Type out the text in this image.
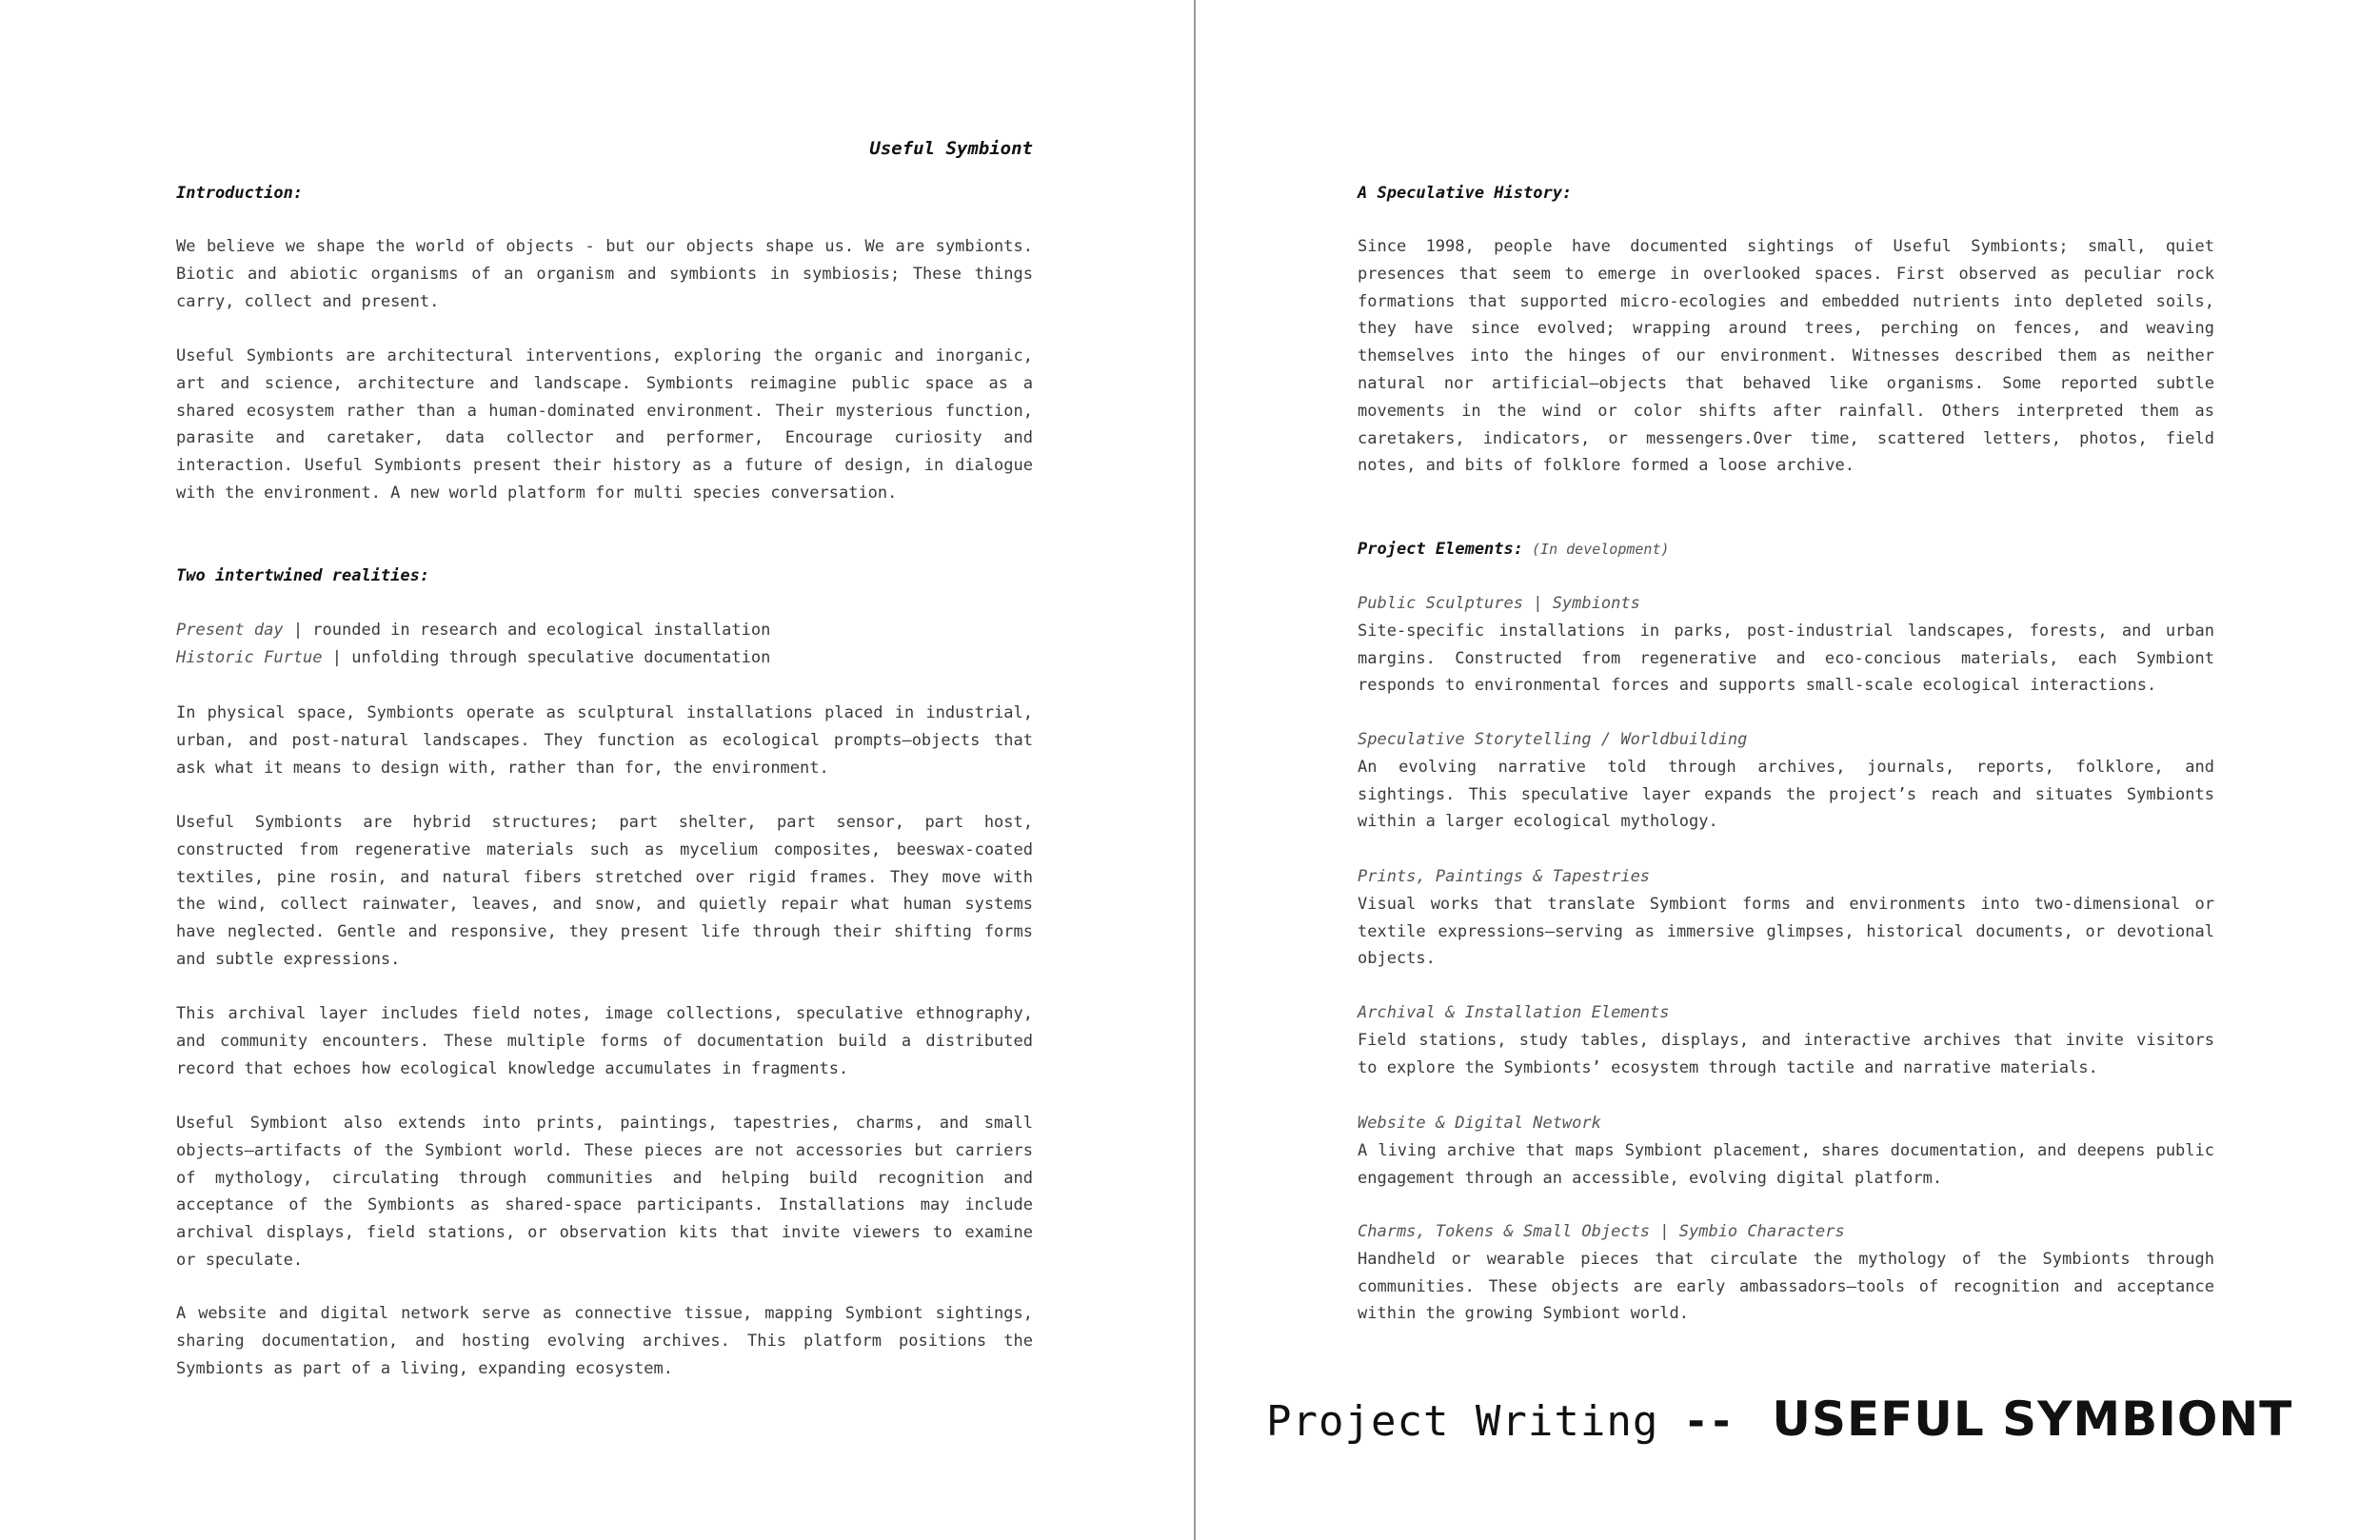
Useful Symbiont
Introduction:

We believe we shape the world of objects - but our objects shape us. We are symbionts. Biotic and abiotic organisms of an organism and symbionts in symbiosis; These things carry, collect and present.

Useful Symbionts are architectural interventions, exploring the organic and inorganic, art and science, architecture and landscape. Symbionts reimagine public space as a shared ecosystem rather than a human-dominated environment. Their mysterious function, parasite and caretaker, data collector and performer, Encourage curiosity and interaction. Useful Symbionts present their history as a future of design, in dialogue with the environment. A new world platform for multi species conversation.

Two intertwined realities:

Present day | rounded in research and ecological installation

Historic Furtue | unfolding through speculative documentation

In physical space, Symbionts operate as sculptural installations placed in industrial, urban, and post-natural landscapes. They function as ecological prompts—objects that ask what it means to design with, rather than for, the environment.

Useful Symbionts are hybrid structures; part shelter, part sensor, part host, constructed from regenerative materials such as mycelium composites, beeswax-coated textiles, pine rosin, and natural fibers stretched over rigid frames. They move with the wind, collect rainwater, leaves, and snow, and quietly repair what human systems have neglected. Gentle and responsive, they present life through their shifting forms and subtle expressions.

This archival layer includes field notes, image collections, speculative ethnography, and community encounters. These multiple forms of documentation build a distributed record that echoes how ecological knowledge accumulates in fragments.

Useful Symbiont also extends into prints, paintings, tapestries, charms, and small objects—artifacts of the Symbiont world. These pieces are not accessories but carriers of mythology, circulating through communities and helping build recognition and acceptance of the Symbionts as shared-space participants. Installations may include archival displays, field stations, or observation kits that invite viewers to examine or speculate.

A website and digital network serve as connective tissue, mapping Symbiont sightings, sharing documentation, and hosting evolving archives. This platform positions the Symbionts as part of a living, expanding ecosystem.

A Speculative History:

Since 1998, people have documented sightings of Useful Symbionts; small, quiet presences that seem to emerge in overlooked spaces. First observed as peculiar rock formations that supported micro-ecologies and embedded nutrients into depleted soils, they have since evolved; wrapping around trees, perching on fences, and weaving themselves into the hinges of our environment. Witnesses described them as neither natural nor artificial—objects that behaved like organisms. Some reported subtle movements in the wind or color shifts after rainfall. Others interpreted them as caretakers, indicators, or messengers.Over time, scattered letters, photos, field notes, and bits of folklore formed a loose archive.

Project Elements: (In development)

Public Sculptures | Symbionts

Site-specific installations in parks, post-industrial landscapes, forests, and urban margins. Constructed from regenerative and eco-concious materials, each Symbiont responds to environmental forces and supports small-scale ecological interactions.

Speculative Storytelling / Worldbuilding

An evolving narrative told through archives, journals, reports, folklore, and sightings. This speculative layer expands the project’s reach and situates Symbionts within a larger ecological mythology.

Prints, Paintings & Tapestries

Visual works that translate Symbiont forms and environments into two-dimensional or textile expressions—serving as immersive glimpses, historical documents, or devotional objects.

Archival & Installation Elements

Field stations, study tables, displays, and interactive archives that invite visitors to explore the Symbionts’ ecosystem through tactile and narrative materials.

Website & Digital Network

A living archive that maps Symbiont placement, shares documentation, and deepens public engagement through an accessible, evolving digital platform.

Charms, Tokens & Small Objects | Symbio Characters

Handheld or wearable pieces that circulate the mythology of the Symbionts through communities. These objects are early ambassadors—tools of recognition and acceptance within the growing Symbiont world.

Project Writing -- USEFUL SYMBIONT
